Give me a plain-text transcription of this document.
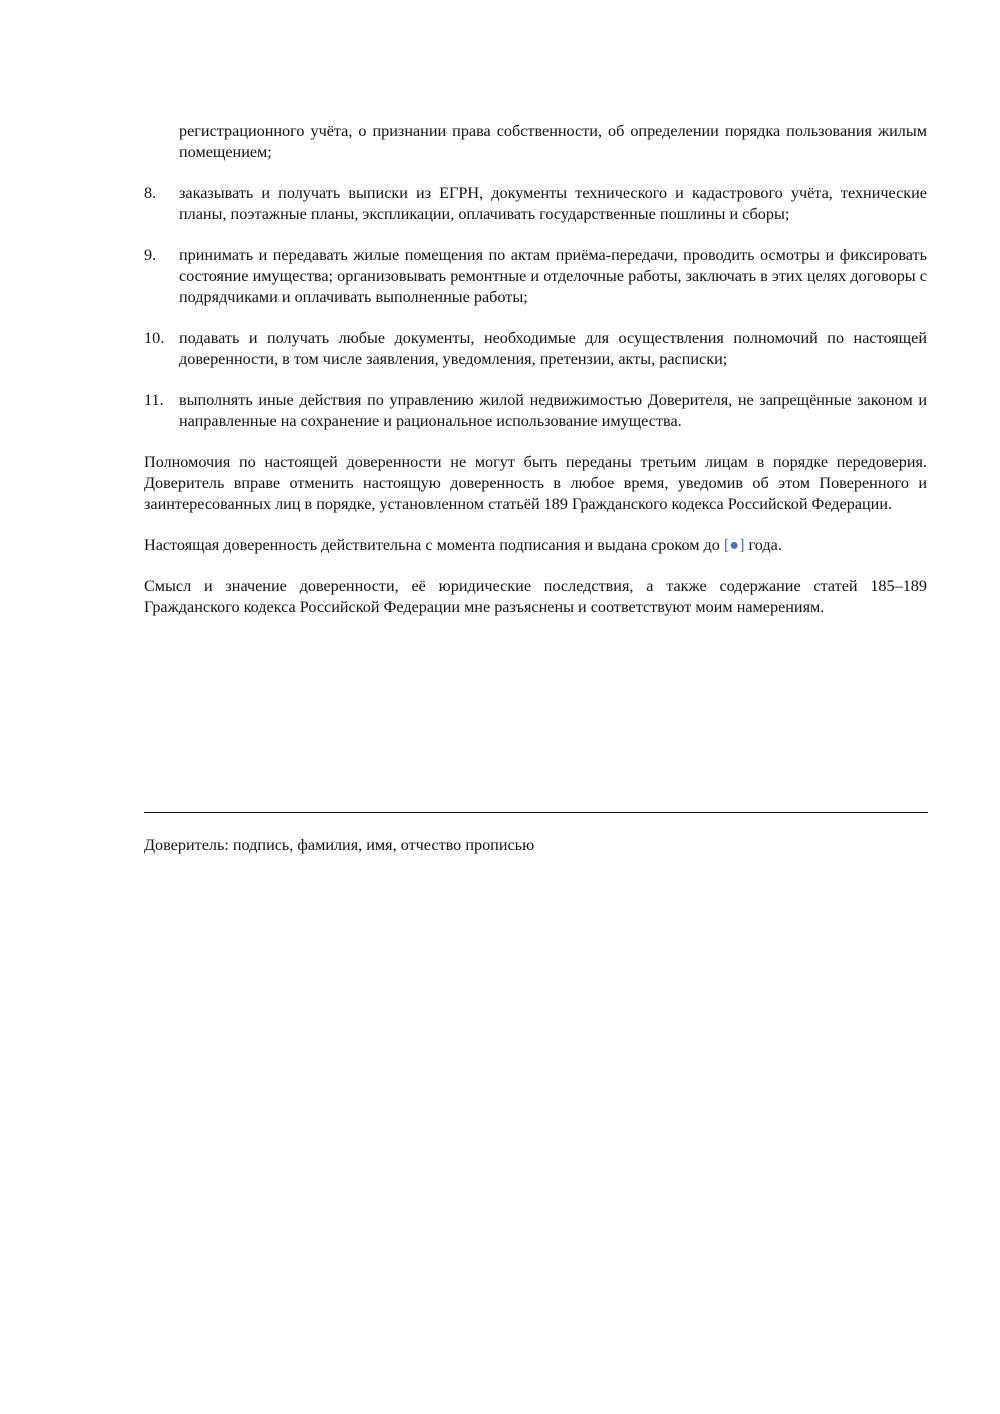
регистрационного учёта, о признании права собственности, об определении порядка пользования жилым помещением;
8. заказывать и получать выписки из ЕГРН, документы технического и кадастрового учёта, технические планы, поэтажные планы, экспликации, оплачивать государственные пошлины и сборы;
9. принимать и передавать жилые помещения по актам приёма-передачи, проводить осмотры и фиксировать состояние имущества; организовывать ремонтные и отделочные работы, заключать в этих целях договоры с подрядчиками и оплачивать выполненные работы;
10. подавать и получать любые документы, необходимые для осуществления полномочий по настоящей доверенности, в том числе заявления, уведомления, претензии, акты, расписки;
11. выполнять иные действия по управлению жилой недвижимостью Доверителя, не запрещённые законом и направленные на сохранение и рациональное использование имущества.

Полномочия по настоящей доверенности не могут быть переданы третьим лицам в порядке передоверия. Доверитель вправе отменить настоящую доверенность в любое время, уведомив об этом Поверенного и заинтересованных лиц в порядке, установленном статьёй 189 Гражданского кодекса Российской Федерации.

Настоящая доверенность действительна с момента подписания и выдана сроком до [●] года.

Смысл и значение доверенности, её юридические последствия, а также содержание статей 185–189 Гражданского кодекса Российской Федерации мне разъяснены и соответствуют моим намерениям.

Доверитель: подпись, фамилия, имя, отчество прописью
